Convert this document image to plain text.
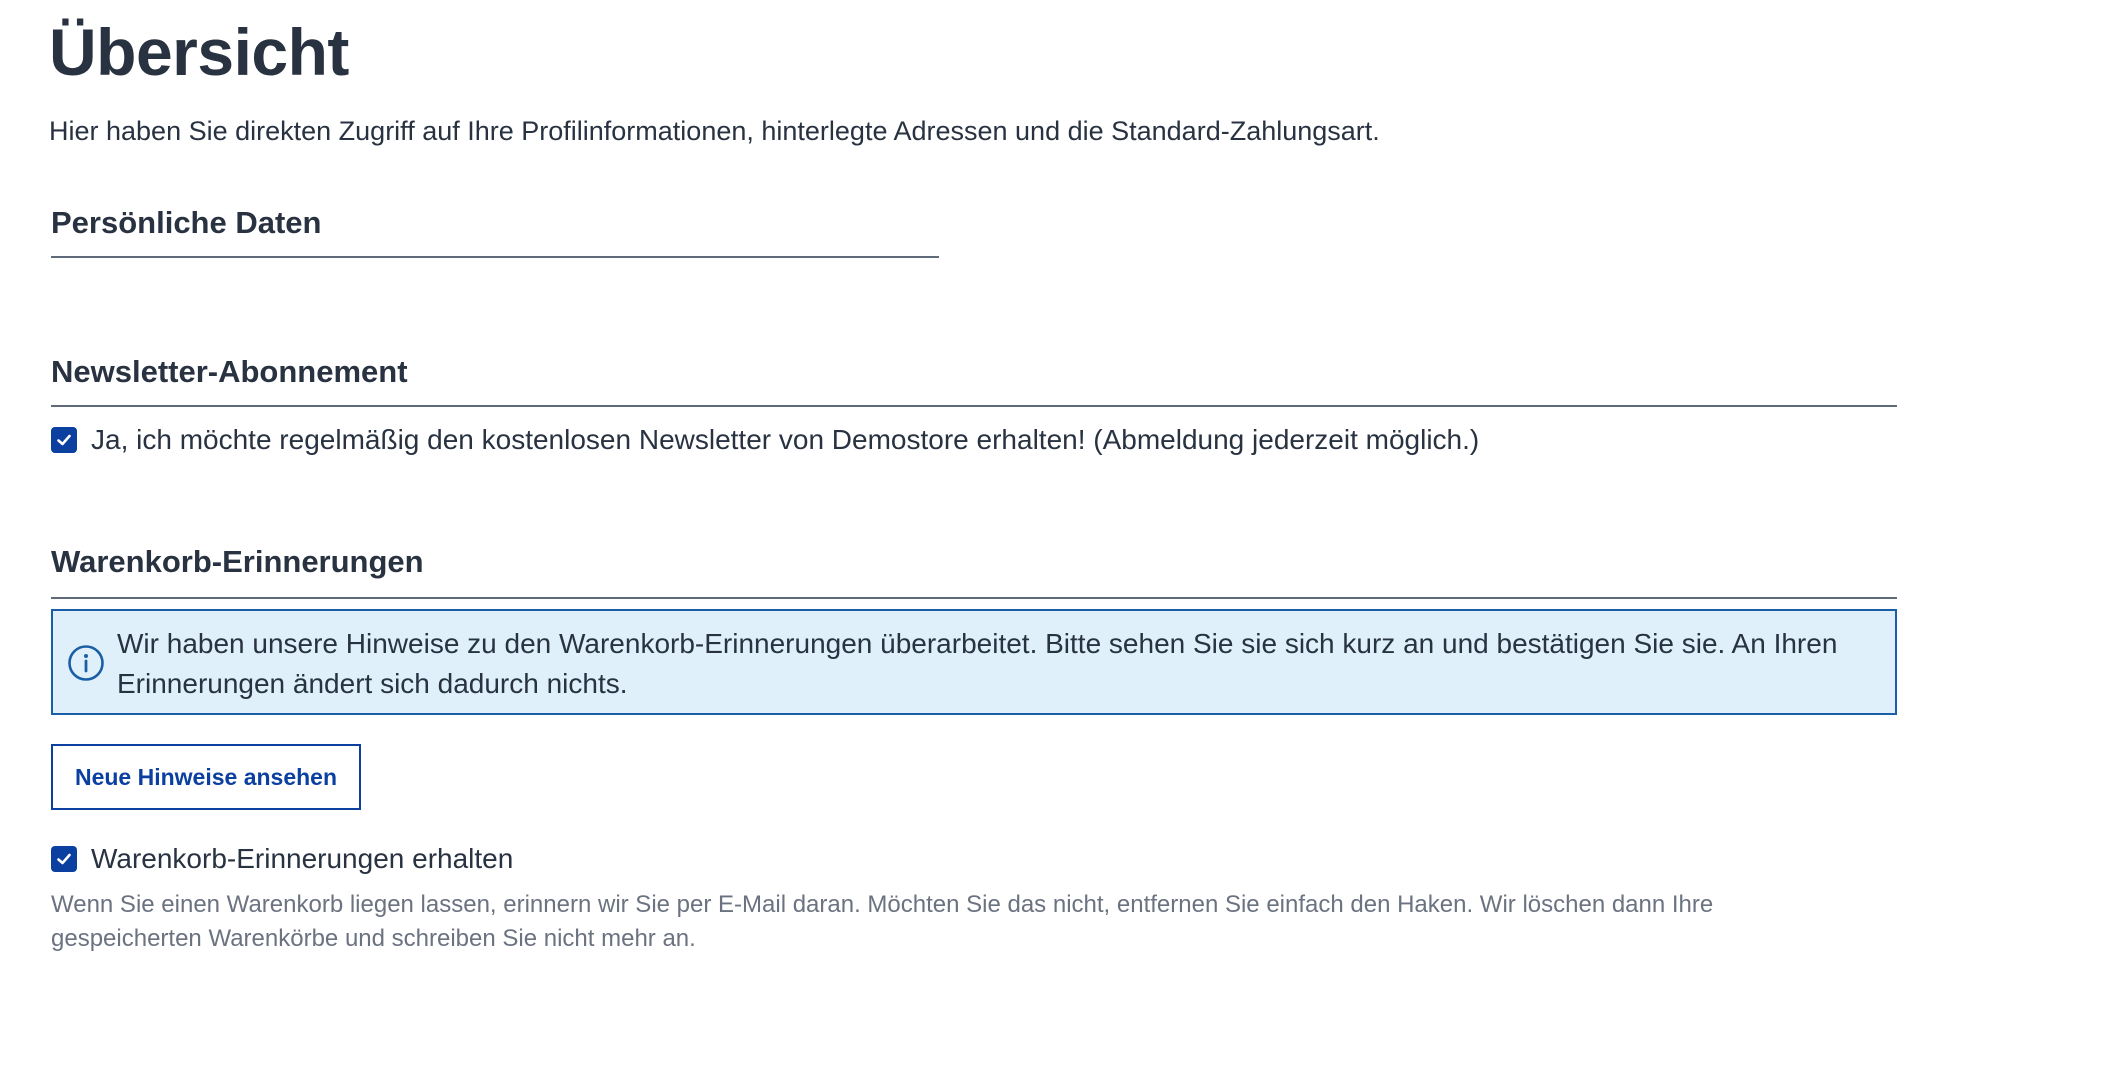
Übersicht

Hier haben Sie direkten Zugriff auf Ihre Profilinformationen, hinterlegte Adressen und die Standard-Zahlungsart.

Persönliche Daten
Newsletter-Abonnement
Ja, ich möchte regelmäßig den kostenlosen Newsletter von Demostore erhalten! (Abmeldung jederzeit möglich.)
Warenkorb-Erinnerungen

Wir haben unsere Hinweise zu den Warenkorb-Erinnerungen überarbeitet. Bitte sehen Sie sie sich kurz an und bestätigen Sie sie. An Ihren Erinnerungen ändert sich dadurch nichts.

Neue Hinweise ansehen
Warenkorb-Erinnerungen erhalten

Wenn Sie einen Warenkorb liegen lassen, erinnern wir Sie per E-Mail daran. Möchten Sie das nicht, entfernen Sie einfach den Haken. Wir löschen dann Ihre gespeicherten Warenkörbe und schreiben Sie nicht mehr an.
